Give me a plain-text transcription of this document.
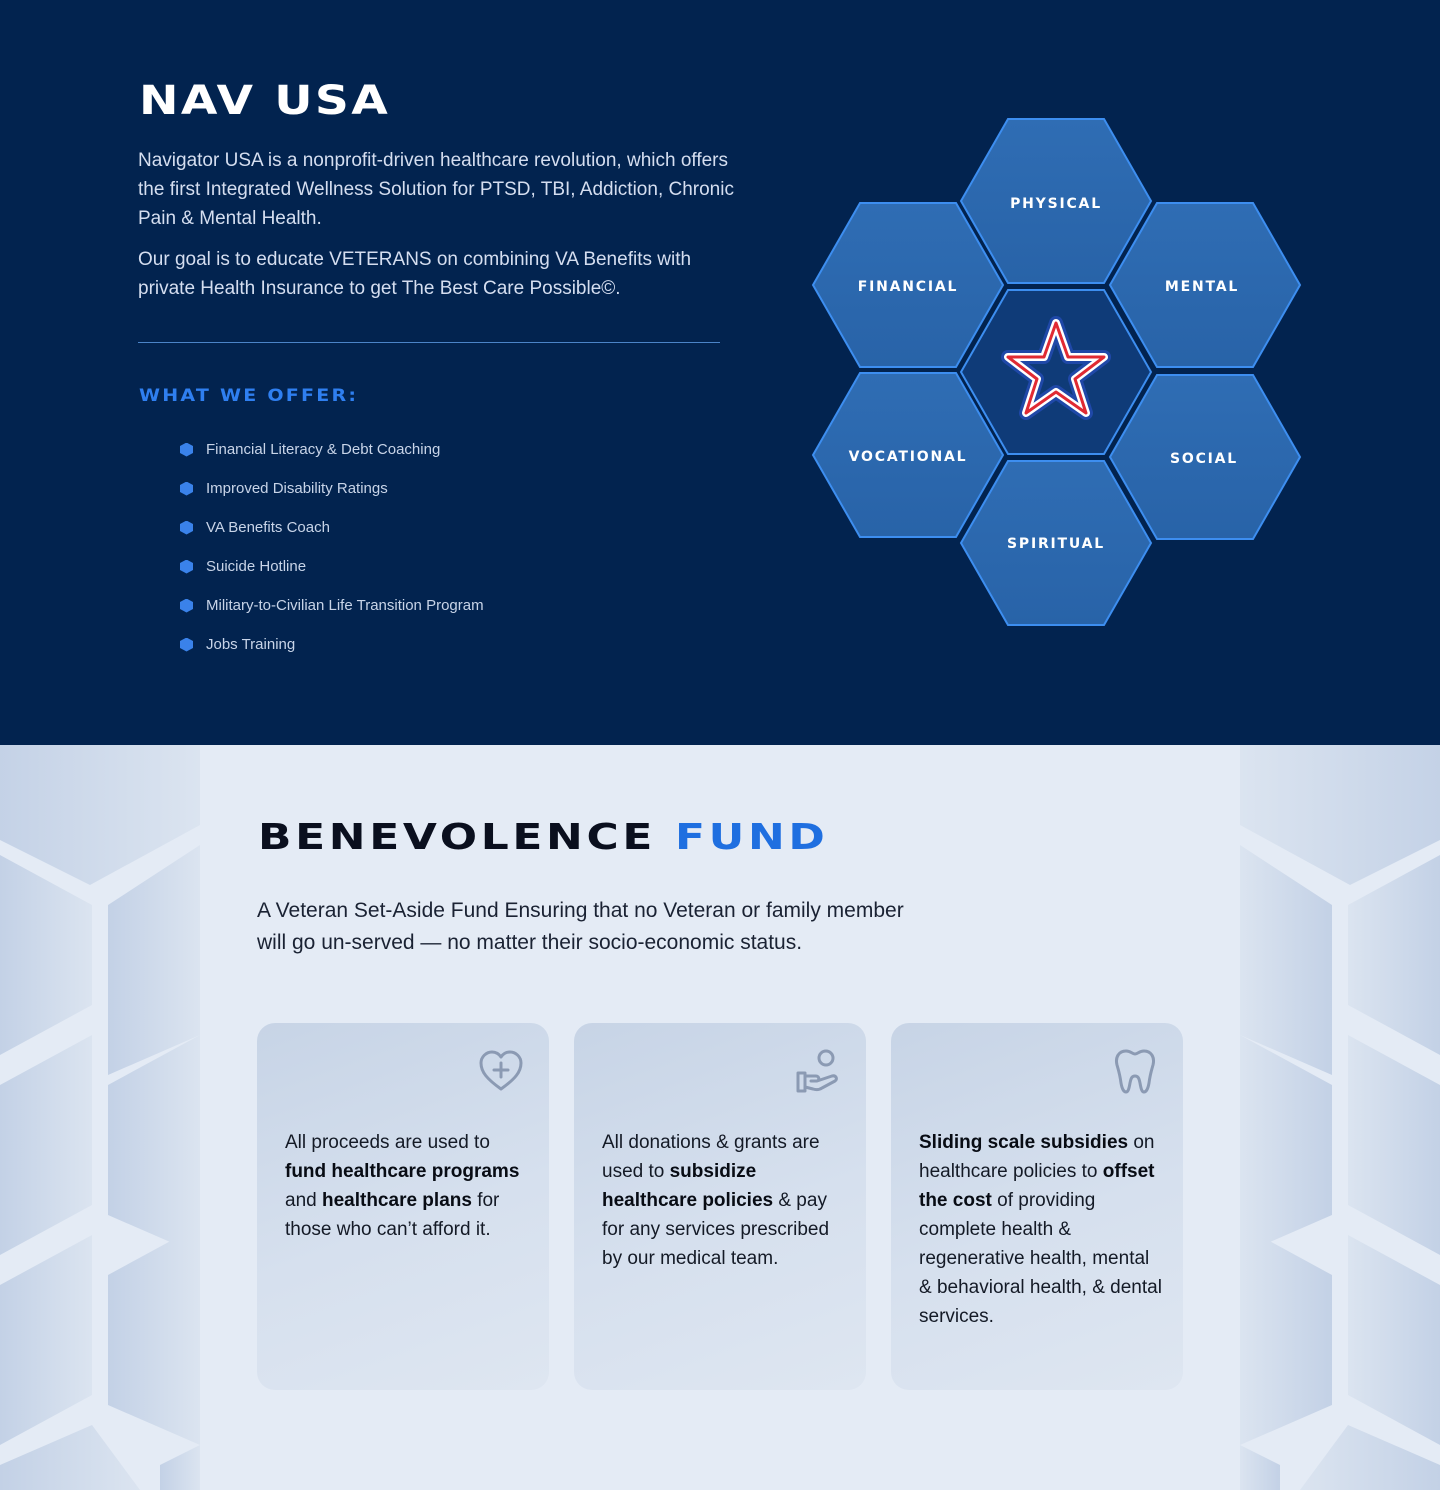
NAV USA

Navigator USA is a nonprofit-driven healthcare revolution, which offers the first Integrated Wellness Solution for PTSD, TBI, Addiction, Chronic Pain & Mental Health.

Our goal is to educate VETERANS on combining VA Benefits with private Health Insurance to get The Best Care Possible©.

WHAT WE OFFER:
Financial Literacy & Debt Coaching
Improved Disability Ratings
VA Benefits Coach
Suicide Hotline
Military-to-Civilian Life Transition Program
Jobs Training
PHYSICAL
FINANCIAL	MENTAL
VOCATIONAL	SOCIAL
SPIRITUAL
BENEVOLENCE FUND

A Veteran Set-Aside Fund Ensuring that no Veteran or family member will go un-served — no matter their socio-economic status.

All proceeds are used to fund healthcare programs and healthcare plans for those who can’t afford it.
All donations & grants are used to subsidize healthcare policies & pay for any services prescribed by our medical team.
Sliding scale subsidies on healthcare policies to offset the cost of providing complete health & regenerative health, mental & behavioral health, & dental services.
